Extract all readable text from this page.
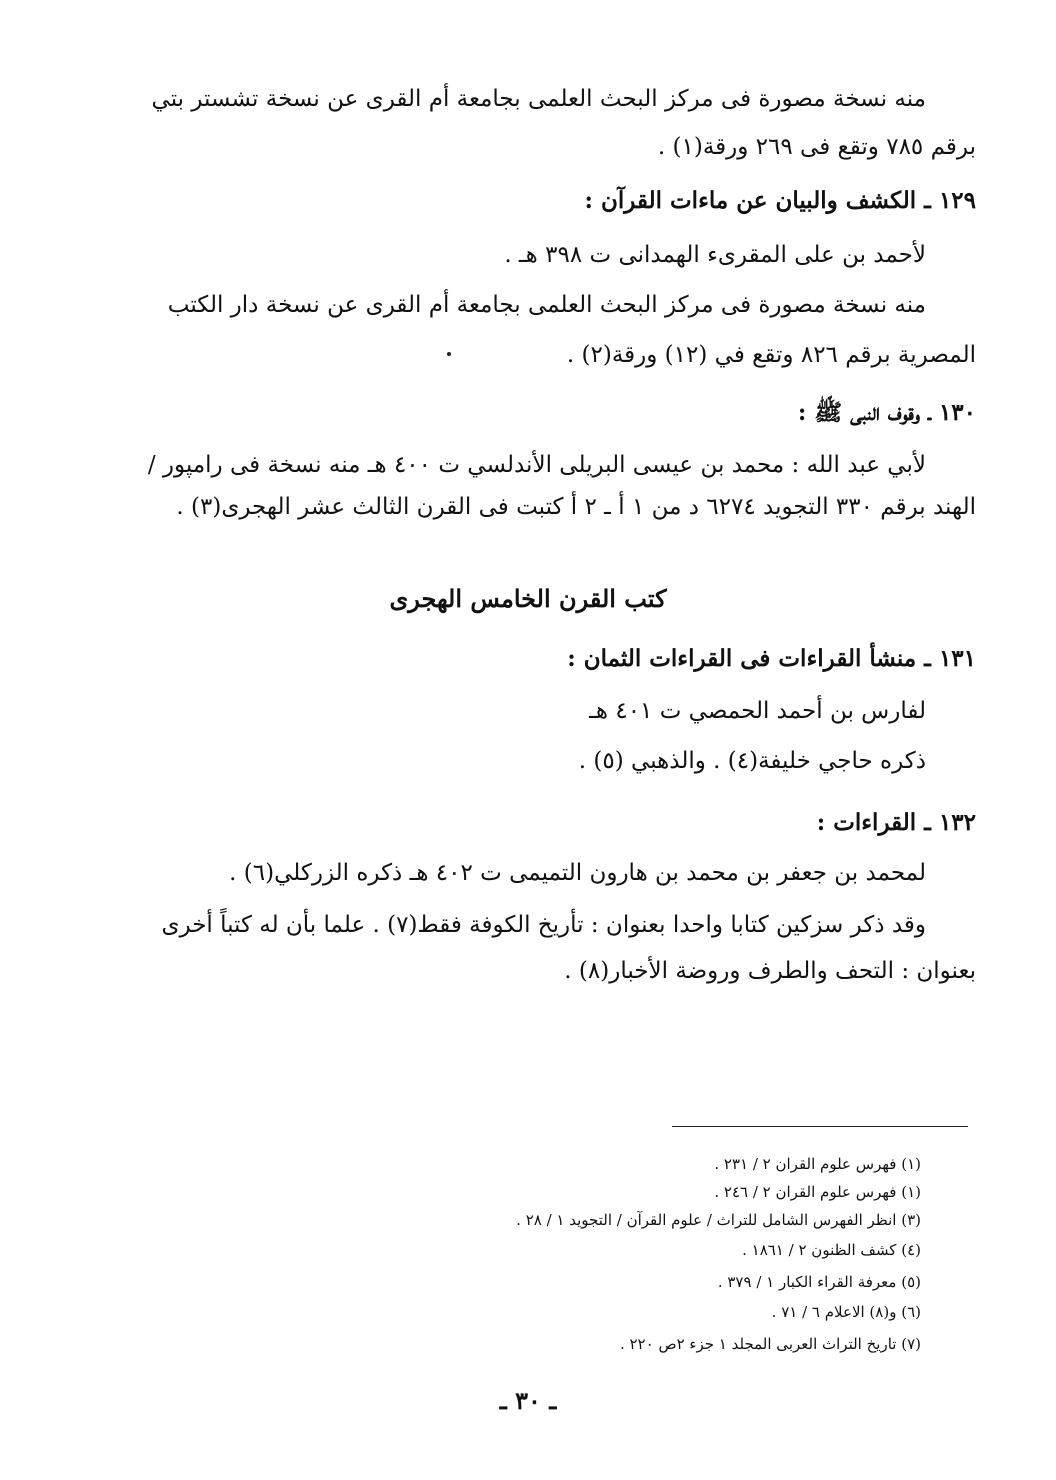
منه نسخة مصورة فى مركز البحث العلمى بجامعة أم القرى عن نسخة تشستر بتي
برقم ٧٨٥ وتقع فى ٢٦٩ ورقة(١) .
١٢٩ ـ الكشف والبيان عن ماءات القرآن :
لأحمد بن على المقرىء الهمدانى ت ٣٩٨ هـ .
منه نسخة مصورة فى مركز البحث العلمى بجامعة أم القرى عن نسخة دار الكتب
المصرية برقم ٨٢٦ وتقع في (١٢) ورقة(٢) .
١٣٠ ـ وقوف النبى ﷺ :
لأبي عبد الله : محمد بن عيسى البريلى الأندلسي ت ٤٠٠ هـ منه نسخة فى رامپور /
الهند برقم ٣٣٠ التجويد ٦٢٧٤ د من ١ أ ـ ٢ أ كتبت فى القرن الثالث عشر الهجرى(٣) .
كتب القرن الخامس الهجرى
١٣١ ـ منشأ القراءات فى القراءات الثمان :
لفارس بن أحمد الحمصي ت ٤٠١ هـ
ذكره حاجي خليفة(٤) . والذهبي (٥) .
١٣٢ ـ القراءات :
لمحمد بن جعفر بن محمد بن هارون التميمى ت ٤٠٢ هـ ذكره الزركلي(٦) .
وقد ذكر سزكين كتابا واحدا بعنوان : تأريخ الكوفة فقط(٧) . علما بأن له كتباً أخرى
بعنوان : التحف والطرف وروضة الأخبار(٨) .
(١) فهرس علوم القران ٢ / ٢٣١ .
(١) فهرس علوم القران ٢ / ٢٤٦ .
(٣) انظر الفهرس الشامل للتراث / علوم القرآن / التجويد ١ / ٢٨ .
(٤) كشف الظنون ٢ / ١٨٦١ .
(٥) معرفة القراء الكبار ١ / ٣٧٩ .
(٦) و(٨) الاعلام ٦ / ٧١ .
(٧) تاريخ التراث العربى المجلد ١ جزء ٢ص ٢٢٠ .
ـ ٣٠ ـ
